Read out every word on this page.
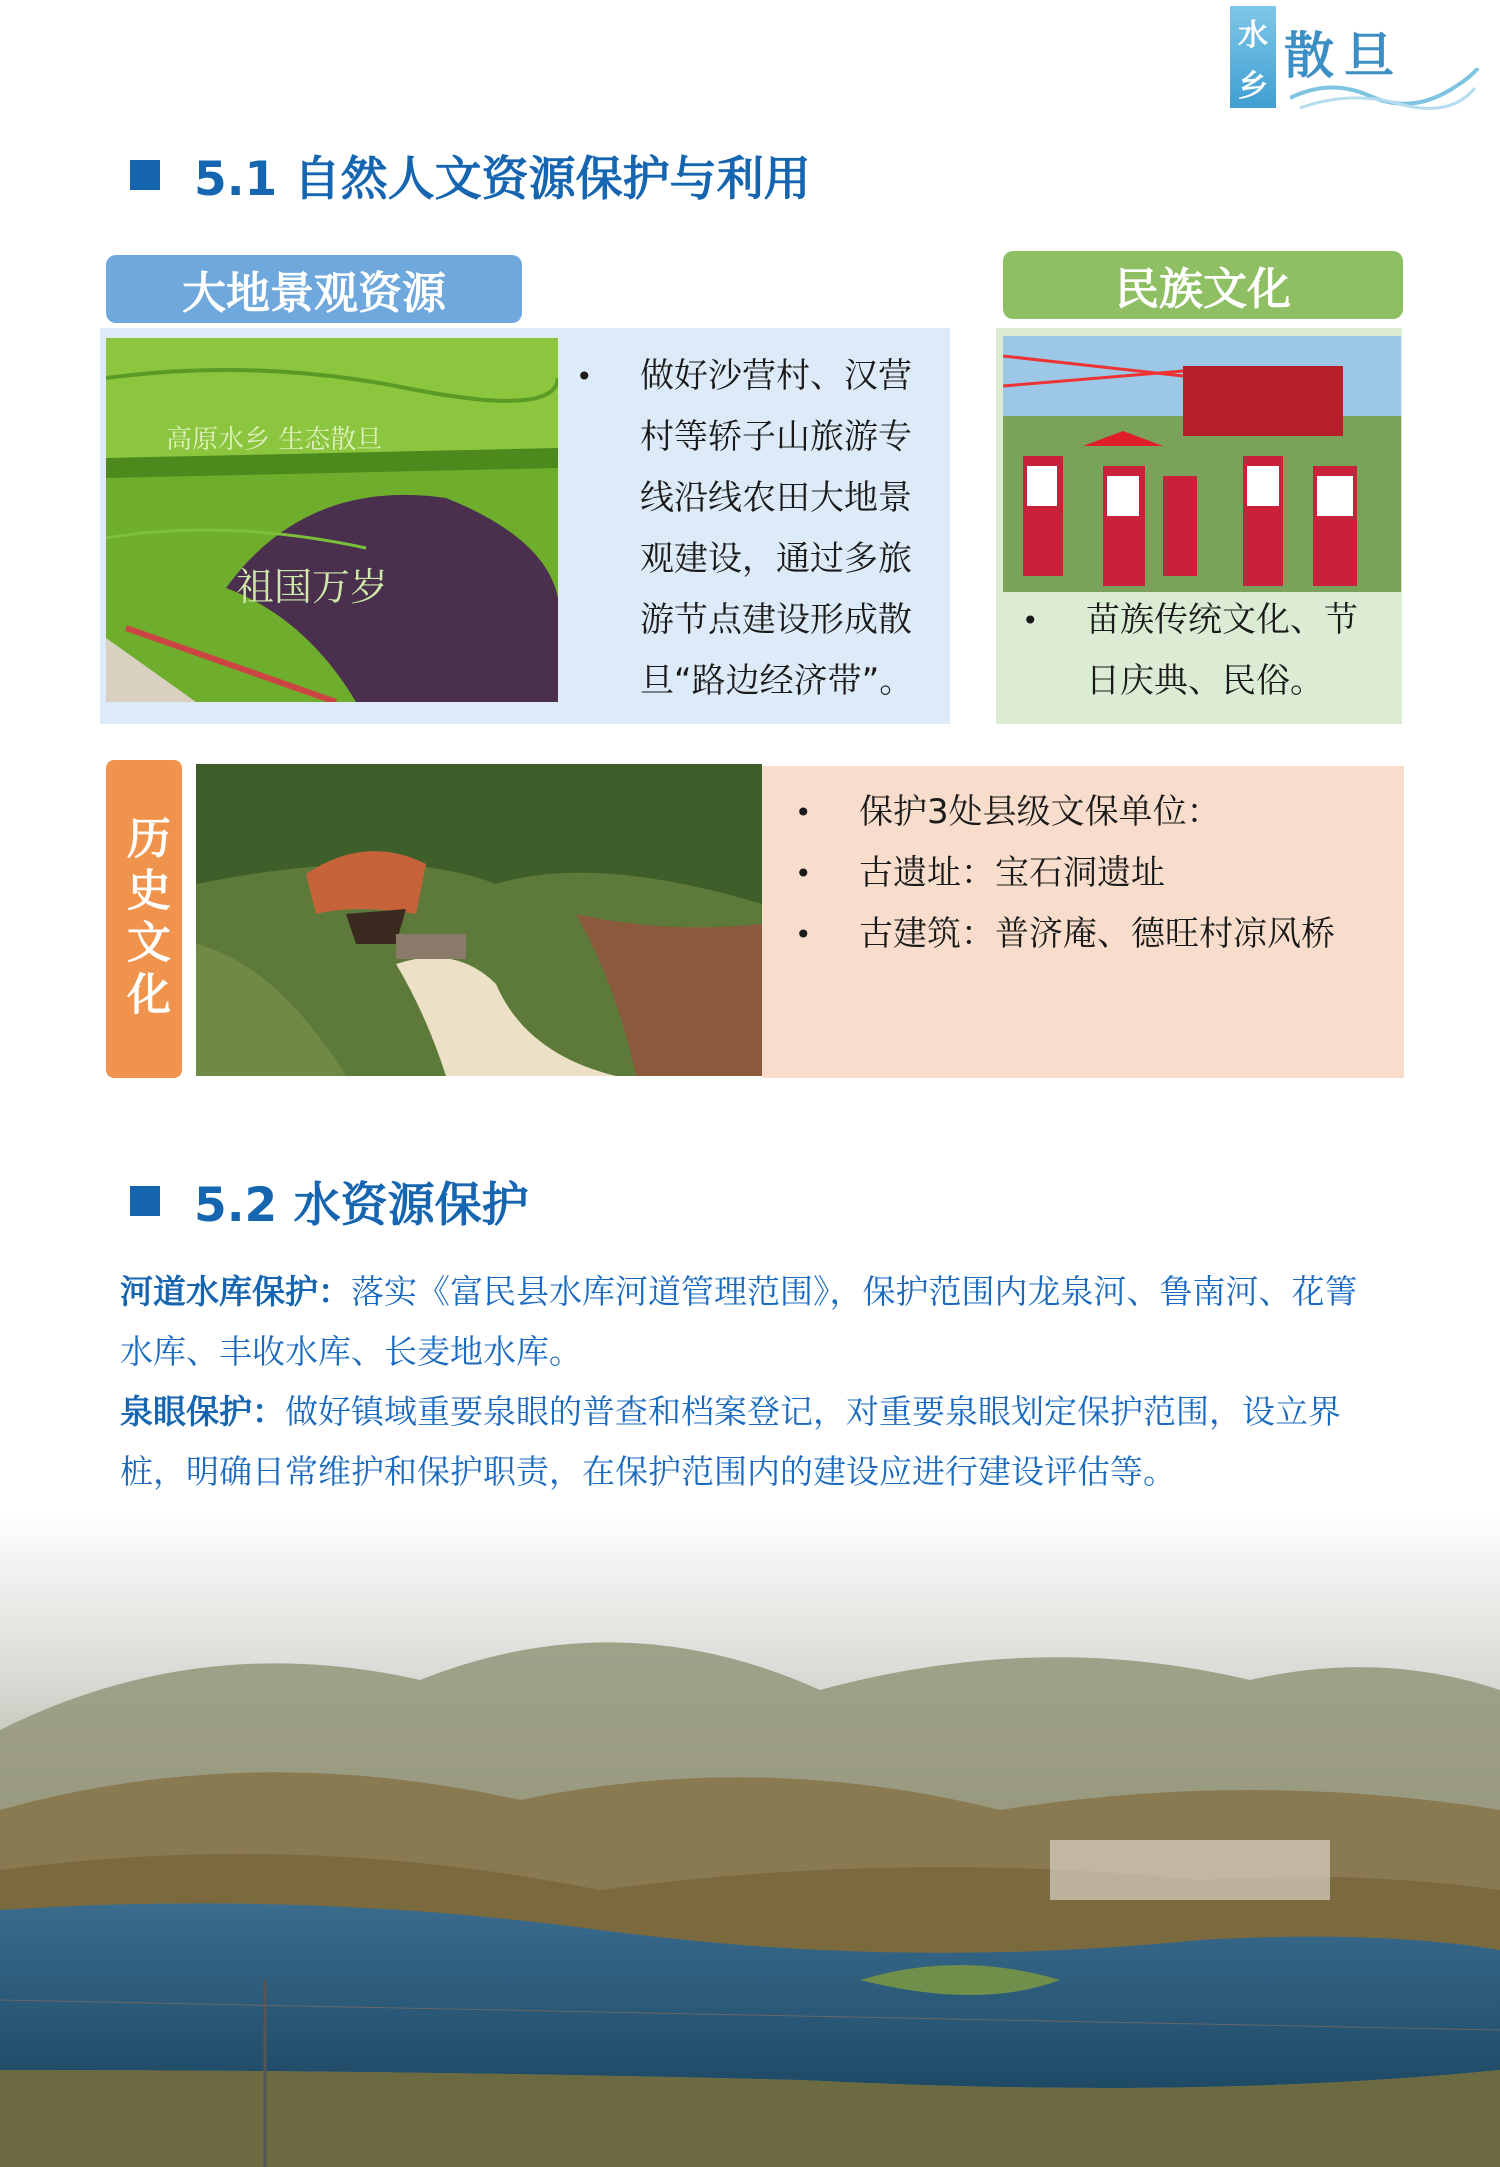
水
乡
散旦
5.1 自然人文资源保护与利用
大地景观资源
高原水乡 生态散旦
祖国万岁
• 做好沙营村、汉营村等轿子山旅游专线沿线农田大地景观建设，通过多旅游节点建设形成散旦“路边经济带”。
民族文化
• 苗族传统文化、节日庆典、民俗。
历史文化
• 保护3处县级文保单位：
• 古遗址：宝石洞遗址
• 古建筑：普济庵、德旺村凉风桥
5.2 水资源保护
河道水库保护：落实《富民县水库河道管理范围》，保护范围内龙泉河、鲁南河、花箐水库、丰收水库、长麦地水库。
泉眼保护：做好镇域重要泉眼的普查和档案登记，对重要泉眼划定保护范围，设立界桩，明确日常维护和保护职责，在保护范围内的建设应进行建设评估等。
